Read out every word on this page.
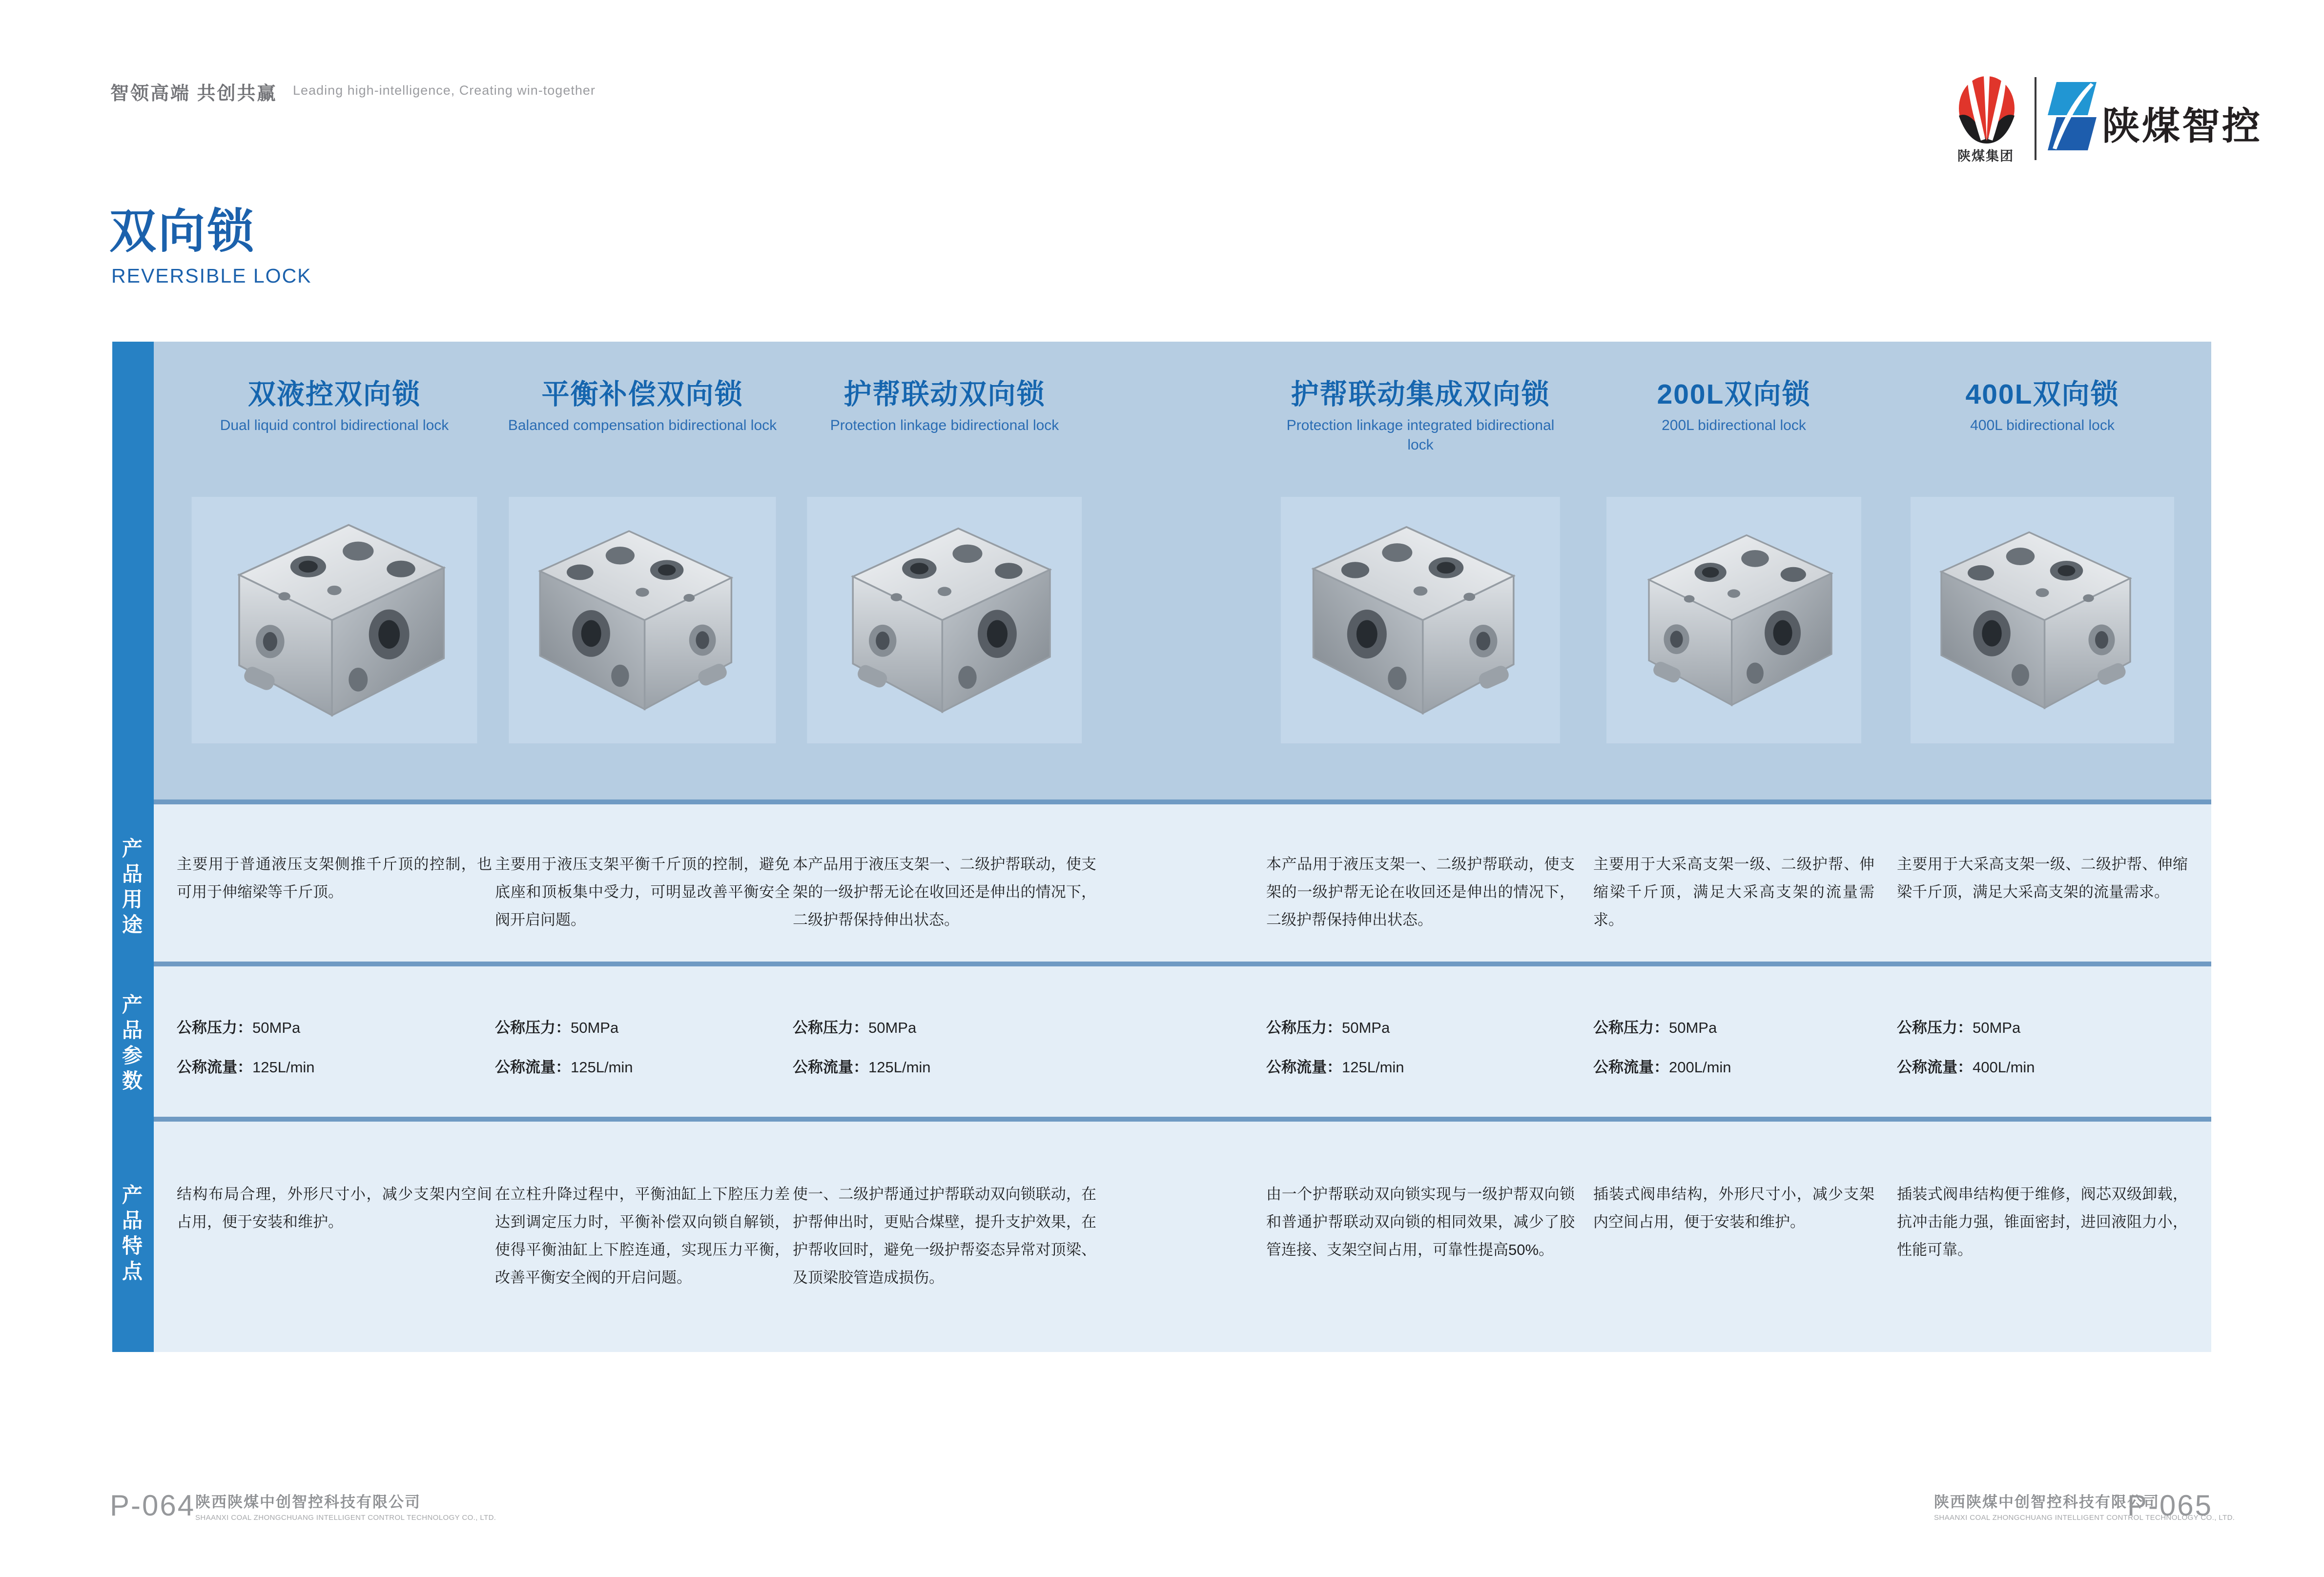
智领高端 共创共赢 Leading high-intelligence, Creating win-together
陕煤集团
陕煤智控
双向锁
REVERSIBLE LOCK
产品用途
产品参数
产品特点
双液控双向锁
Dual liquid control bidirectional lock
主要用于普通液压支架侧推千斤顶的控制，也可用于伸缩梁等千斤顶。
公称压力：50MPa
公称流量：125L/min
结构布局合理，外形尺寸小，减少支架内空间占用，便于安装和维护。
平衡补偿双向锁
Balanced compensation bidirectional lock
主要用于液压支架平衡千斤顶的控制，避免底座和顶板集中受力，可明显改善平衡安全阀开启问题。
公称压力：50MPa
公称流量：125L/min
在立柱升降过程中，平衡油缸上下腔压力差达到调定压力时，平衡补偿双向锁自解锁，使得平衡油缸上下腔连通，实现压力平衡，改善平衡安全阀的开启问题。
护帮联动双向锁
Protection linkage bidirectional lock
本产品用于液压支架一、二级护帮联动，使支架的一级护帮无论在收回还是伸出的情况下，二级护帮保持伸出状态。
公称压力：50MPa
公称流量：125L/min
使一、二级护帮通过护帮联动双向锁联动，在护帮伸出时，更贴合煤壁，提升支护效果，在护帮收回时，避免一级护帮姿态异常对顶梁、及顶梁胶管造成损伤。
护帮联动集成双向锁
Protection linkage integrated bidirectional lock
本产品用于液压支架一、二级护帮联动，使支架的一级护帮无论在收回还是伸出的情况下，二级护帮保持伸出状态。
公称压力：50MPa
公称流量：125L/min
由一个护帮联动双向锁实现与一级护帮双向锁和普通护帮联动双向锁的相同效果，减少了胶管连接、支架空间占用，可靠性提高50%。
200L双向锁
200L bidirectional lock
主要用于大采高支架一级、二级护帮、伸缩梁千斤顶，满足大采高支架的流量需求。
公称压力：50MPa
公称流量：200L/min
插装式阀串结构，外形尺寸小，减少支架内空间占用，便于安装和维护。
400L双向锁
400L bidirectional lock
主要用于大采高支架一级、二级护帮、伸缩梁千斤顶，满足大采高支架的流量需求。
公称压力：50MPa
公称流量：400L/min
插装式阀串结构便于维修，阀芯双级卸载，抗冲击能力强，锥面密封，进回液阻力小，性能可靠。
P-064 陕西陕煤中创智控科技有限公司
SHAANXI COAL ZHONGCHUANG INTELLIGENT CONTROL TECHNOLOGY CO., LTD.
陕西陕煤中创智控科技有限公司
SHAANXI COAL ZHONGCHUANG INTELLIGENT CONTROL TECHNOLOGY CO., LTD.
P-065
